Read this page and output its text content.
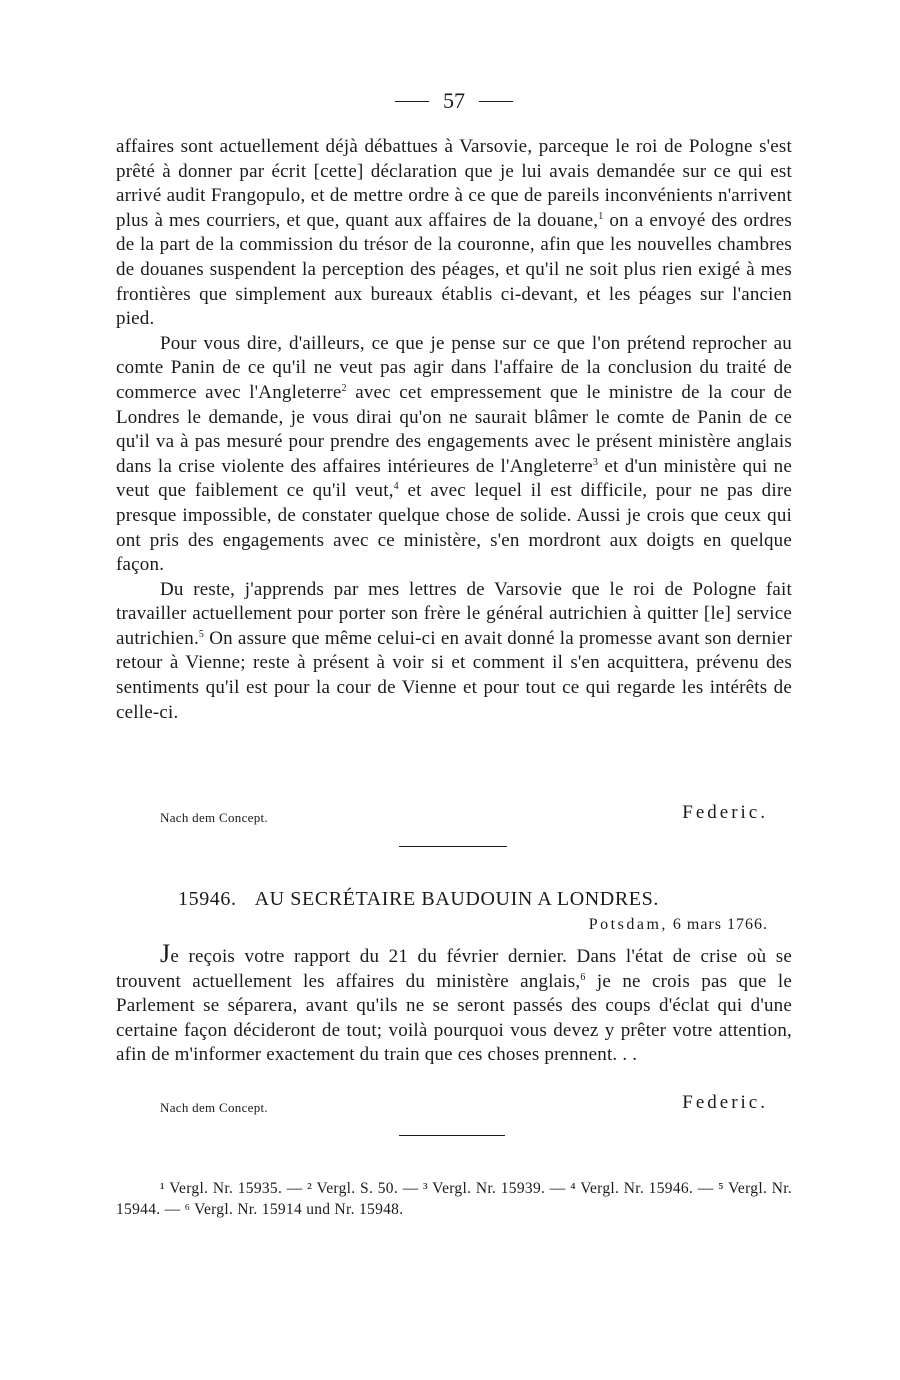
57

affaires sont actuellement déjà débattues à Varsovie, parceque le roi de Pologne s'est prêté à donner par écrit [cette] déclaration que je lui avais demandée sur ce qui est arrivé audit Frangopulo, et de mettre ordre à ce que de pareils inconvénients n'arrivent plus à mes courriers, et que, quant aux affaires de la douane,$^1$ on a envoyé des ordres de la part de la commission du trésor de la couronne, afin que les nouvelles chambres de douanes suspendent la perception des péages, et qu'il ne soit plus rien exigé à mes frontières que simplement aux bureaux établis ci-devant, et les péages sur l'ancien pied.

Pour vous dire, d'ailleurs, ce que je pense sur ce que l'on prétend reprocher au comte Panin de ce qu'il ne veut pas agir dans l'affaire de la conclusion du traité de commerce avec l'Angleterre$^2$ avec cet empressement que le ministre de la cour de Londres le demande, je vous dirai qu'on ne saurait blâmer le comte de Panin de ce qu'il va à pas mesuré pour prendre des engagements avec le présent ministère anglais dans la crise violente des affaires intérieures de l'Angleterre$^3$ et d'un ministère qui ne veut que faiblement ce qu'il veut,$^4$ et avec lequel il est difficile, pour ne pas dire presque impossible, de constater quelque chose de solide. Aussi je crois que ceux qui ont pris des engagements avec ce ministère, s'en mordront aux doigts en quelque façon.

Du reste, j'apprends par mes lettres de Varsovie que le roi de Pologne fait travailler actuellement pour porter son frère le général autrichien à quitter [le] service autrichien.$^5$ On assure que même celui-ci en avait donné la promesse avant son dernier retour à Vienne; reste à présent à voir si et comment il s'en acquittera, prévenu des sentiments qu'il est pour la cour de Vienne et pour tout ce qui regarde les intérêts de celle-ci.

Nach dem Concept.	Federic.
15946. AU SECRÉTAIRE BAUDOUIN A LONDRES.
Potsdam, 6 mars 1766.

Je reçois votre rapport du 21 du février dernier. Dans l'état de crise où se trouvent actuellement les affaires du ministère anglais,$^6$ je ne crois pas que le Parlement se séparera, avant qu'ils ne se seront passés des coups d'éclat qui d'une certaine façon décideront de tout; voilà pourquoi vous devez y prêter votre attention, afin de m'informer exactement du train que ces choses prennent. . .

Nach dem Concept.	Federic.

¹ Vergl. Nr. 15935. — ² Vergl. S. 50. — ³ Vergl. Nr. 15939. — ⁴ Vergl. Nr. 15946. — ⁵ Vergl. Nr. 15944. — ⁶ Vergl. Nr. 15914 und Nr. 15948.
